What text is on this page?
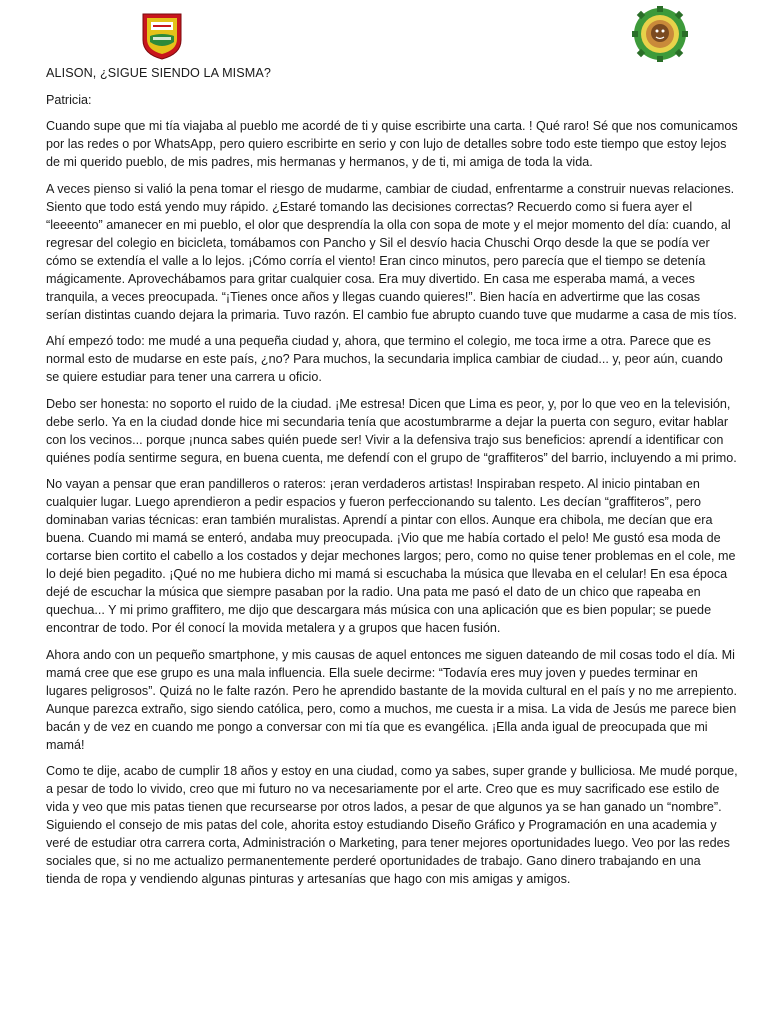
ALISON, ¿SIGUE SIENDO LA MISMA?

Patricia:

Cuando supe que mi tía viajaba al pueblo me acordé de ti y quise escribirte una carta. ! Qué raro! Sé que nos comunicamos por las redes o por WhatsApp, pero quiero escribirte en serio y con lujo de detalles sobre todo este tiempo que estoy lejos de mi querido pueblo, de mis padres, mis hermanas y hermanos, y de ti, mi amiga de toda la vida.

A veces pienso si valió la pena tomar el riesgo de mudarme, cambiar de ciudad, enfrentarme a construir nuevas relaciones. Siento que todo está yendo muy rápido. ¿Estaré tomando las decisiones correctas? Recuerdo como si fuera ayer el “leeeento” amanecer en mi pueblo, el olor que desprendía la olla con sopa de mote y el mejor momento del día: cuando, al regresar del colegio en bicicleta, tomábamos con Pancho y Sil el desvío hacia Chuschi Orqo desde la que se podía ver cómo se extendía el valle a lo lejos. ¡Cómo corría el viento! Eran cinco minutos, pero parecía que el tiempo se detenía mágicamente. Aprovechábamos para gritar cualquier cosa. Era muy divertido. En casa me esperaba mamá, a veces tranquila, a veces preocupada. “¡Tienes once años y llegas cuando quieres!”. Bien hacía en advertirme que las cosas serían distintas cuando dejara la primaria. Tuvo razón. El cambio fue abrupto cuando tuve que mudarme a casa de mis tíos.

Ahí empezó todo: me mudé a una pequeña ciudad y, ahora, que termino el colegio, me toca irme a otra. Parece que es normal esto de mudarse en este país, ¿no? Para muchos, la secundaria implica cambiar de ciudad... y, peor aún, cuando se quiere estudiar para tener una carrera u oficio.

Debo ser honesta: no soporto el ruido de la ciudad. ¡Me estresa! Dicen que Lima es peor, y, por lo que veo en la televisión, debe serlo. Ya en la ciudad donde hice mi secundaria tenía que acostumbrarme a dejar la puerta con seguro, evitar hablar con los vecinos... porque ¡nunca sabes quién puede ser! Vivir a la defensiva trajo sus beneficios: aprendí a identificar con quiénes podía sentirme segura, en buena cuenta, me defendí con el grupo de “graffiteros” del barrio, incluyendo a mi primo.

No vayan a pensar que eran pandilleros o rateros: ¡eran verdaderos artistas! Inspiraban respeto. Al inicio pintaban en cualquier lugar. Luego aprendieron a pedir espacios y fueron perfeccionando su talento. Les decían “graffiteros”, pero dominaban varias técnicas: eran también muralistas. Aprendí a pintar con ellos. Aunque era chibola, me decían que era buena. Cuando mi mamá se enteró, andaba muy preocupada. ¡Vio que me había cortado el pelo! Me gustó esa moda de cortarse bien cortito el cabello a los costados y dejar mechones largos; pero, como no quise tener problemas en el cole, me lo dejé bien pegadito. ¡Qué no me hubiera dicho mi mamá si escuchaba la música que llevaba en el celular! En esa época dejé de escuchar la música que siempre pasaban por la radio. Una pata me pasó el dato de un chico que rapeaba en quechua... Y mi primo graffitero, me dijo que descargara más música con una aplicación que es bien popular; se puede encontrar de todo. Por él conocí la movida metalera y a grupos que hacen fusión.

Ahora ando con un pequeño smartphone, y mis causas de aquel entonces me siguen dateando de mil cosas todo el día. Mi mamá cree que ese grupo es una mala influencia. Ella suele decirme: “Todavía eres muy joven y puedes terminar en lugares peligrosos”. Quizá no le falte razón. Pero he aprendido bastante de la movida cultural en el país y no me arrepiento. Aunque parezca extraño, sigo siendo católica, pero, como a muchos, me cuesta ir a misa. La vida de Jesús me parece bien bacán y de vez en cuando me pongo a conversar con mi tía que es evangélica. ¡Ella anda igual de preocupada que mi mamá!

Como te dije, acabo de cumplir 18 años y estoy en una ciudad, como ya sabes, super grande y bulliciosa. Me mudé porque, a pesar de todo lo vivido, creo que mi futuro no va necesariamente por el arte. Creo que es muy sacrificado ese estilo de vida y veo que mis patas tienen que recursearse por otros lados, a pesar de que algunos ya se han ganado un “nombre”. Siguiendo el consejo de mis patas del cole, ahorita estoy estudiando Diseño Gráfico y Programación en una academia y veré de estudiar otra carrera corta, Administración o Marketing, para tener mejores oportunidades luego. Veo por las redes sociales que, si no me actualizo permanentemente perderé oportunidades de trabajo. Gano dinero trabajando en una tienda de ropa y vendiendo algunas pinturas y artesanías que hago con mis amigas y amigos.
